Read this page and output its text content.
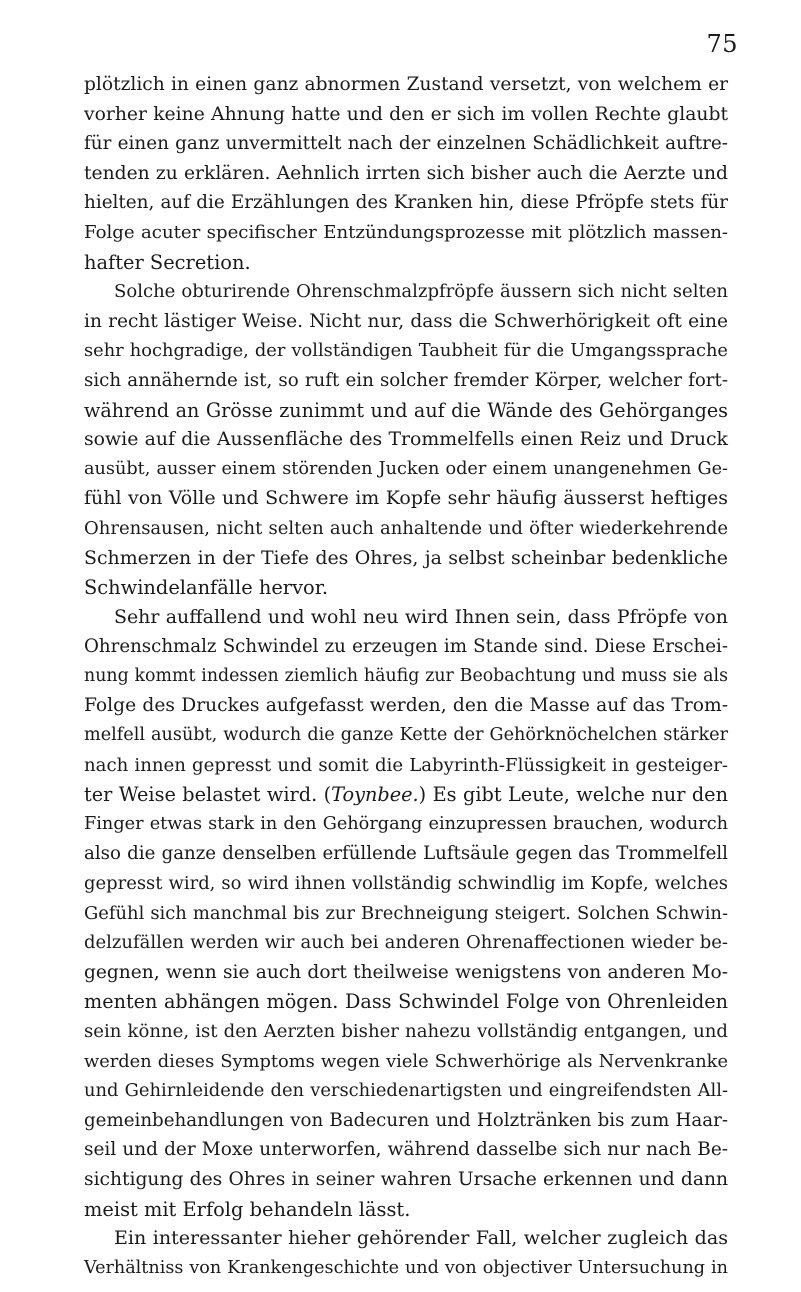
75
plötzlich in einen ganz abnormen Zustand versetzt, von welchem er
vorher keine Ahnung hatte und den er sich im vollen Rechte glaubt
für einen ganz unvermittelt nach der einzelnen Schädlichkeit auftre-
tenden zu erklären. Aehnlich irrten sich bisher auch die Aerzte und
hielten, auf die Erzählungen des Kranken hin, diese Pfröpfe stets für
Folge acuter specifischer Entzündungsprozesse mit plötzlich massen-
hafter Secretion.
Solche obturirende Ohrenschmalzpfröpfe äussern sich nicht selten
in recht lästiger Weise. Nicht nur, dass die Schwerhörigkeit oft eine
sehr hochgradige, der vollständigen Taubheit für die Umgangssprache
sich annähernde ist, so ruft ein solcher fremder Körper, welcher fort-
während an Grösse zunimmt und auf die Wände des Gehörganges
sowie auf die Aussenfläche des Trommelfells einen Reiz und Druck
ausübt, ausser einem störenden Jucken oder einem unangenehmen Ge-
fühl von Völle und Schwere im Kopfe sehr häufig äusserst heftiges
Ohrensausen, nicht selten auch anhaltende und öfter wiederkehrende
Schmerzen in der Tiefe des Ohres, ja selbst scheinbar bedenkliche
Schwindelanfälle hervor.
Sehr auffallend und wohl neu wird Ihnen sein, dass Pfröpfe von
Ohrenschmalz Schwindel zu erzeugen im Stande sind. Diese Erschei-
nung kommt indessen ziemlich häufig zur Beobachtung und muss sie als
Folge des Druckes aufgefasst werden, den die Masse auf das Trom-
melfell ausübt, wodurch die ganze Kette der Gehörknöchelchen stärker
nach innen gepresst und somit die Labyrinth-Flüssigkeit in gesteiger-
ter Weise belastet wird. (Toynbee.) Es gibt Leute, welche nur den
Finger etwas stark in den Gehörgang einzupressen brauchen, wodurch
also die ganze denselben erfüllende Luftsäule gegen das Trommelfell
gepresst wird, so wird ihnen vollständig schwindlig im Kopfe, welches
Gefühl sich manchmal bis zur Brechneigung steigert. Solchen Schwin-
delzufällen werden wir auch bei anderen Ohrenaffectionen wieder be-
gegnen, wenn sie auch dort theilweise wenigstens von anderen Mo-
menten abhängen mögen. Dass Schwindel Folge von Ohrenleiden
sein könne, ist den Aerzten bisher nahezu vollständig entgangen, und
werden dieses Symptoms wegen viele Schwerhörige als Nervenkranke
und Gehirnleidende den verschiedenartigsten und eingreifendsten All-
gemeinbehandlungen von Badecuren und Holztränken bis zum Haar-
seil und der Moxe unterworfen, während dasselbe sich nur nach Be-
sichtigung des Ohres in seiner wahren Ursache erkennen und dann
meist mit Erfolg behandeln lässt.
Ein interessanter hieher gehörender Fall, welcher zugleich das
Verhältniss von Krankengeschichte und von objectiver Untersuchung in
